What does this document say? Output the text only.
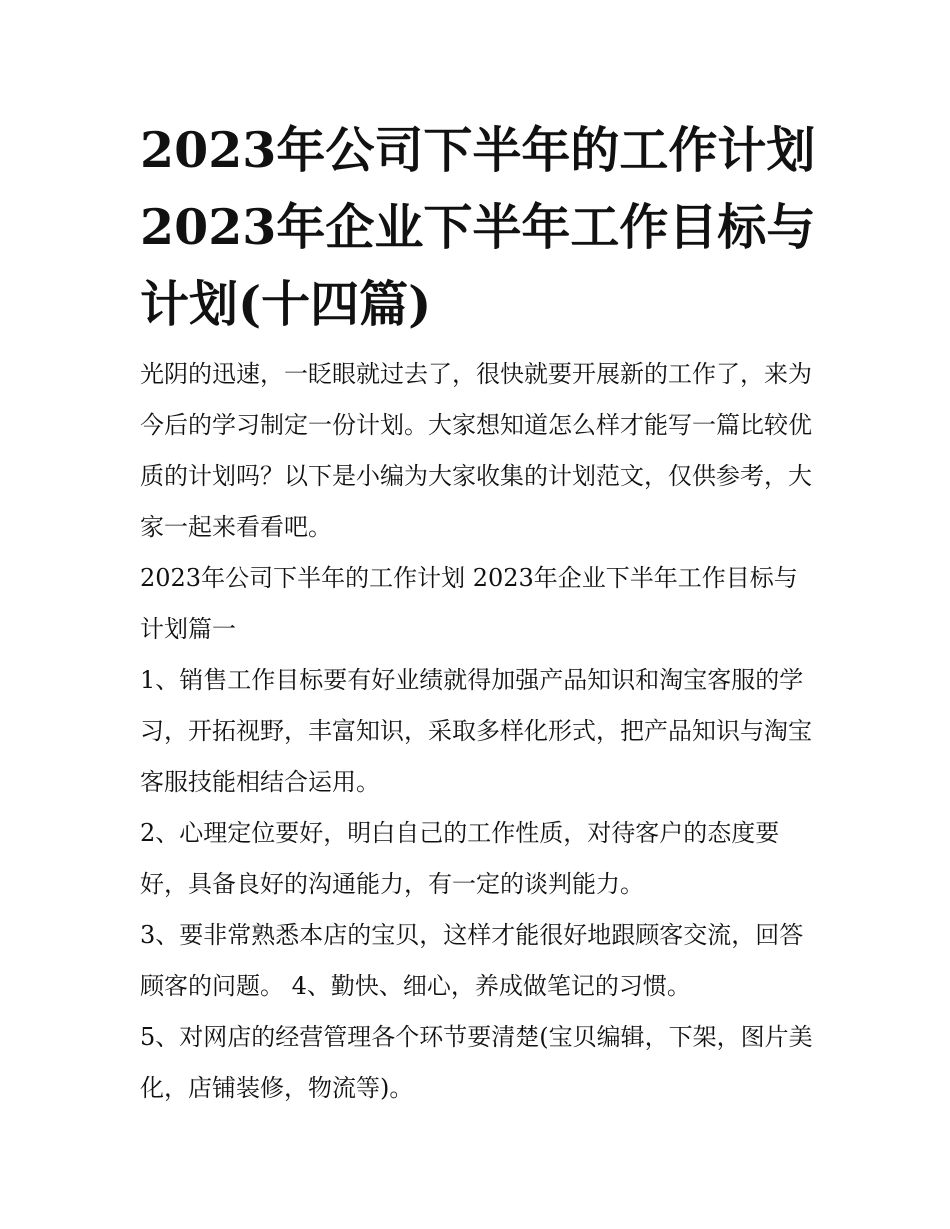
2023年公司下半年的工作计划 2023年企业下半年工作目标与计划(十四篇)

光阴的迅速，一眨眼就过去了，很快就要开展新的工作了，来为今后的学习制定一份计划。大家想知道怎么样才能写一篇比较优质的计划吗？以下是小编为大家收集的计划范文，仅供参考，大家一起来看看吧。

2023年公司下半年的工作计划 2023年企业下半年工作目标与计划篇一

1、销售工作目标要有好业绩就得加强产品知识和淘宝客服的学习，开拓视野，丰富知识，采取多样化形式，把产品知识与淘宝客服技能相结合运用。

2、心理定位要好，明白自己的工作性质，对待客户的态度要好，具备良好的沟通能力，有一定的谈判能力。

3、要非常熟悉本店的宝贝，这样才能很好地跟顾客交流，回答顾客的问题。 4、勤快、细心，养成做笔记的习惯。

5、对网店的经营管理各个环节要清楚(宝贝编辑，下架，图片美化，店铺装修，物流等)。
